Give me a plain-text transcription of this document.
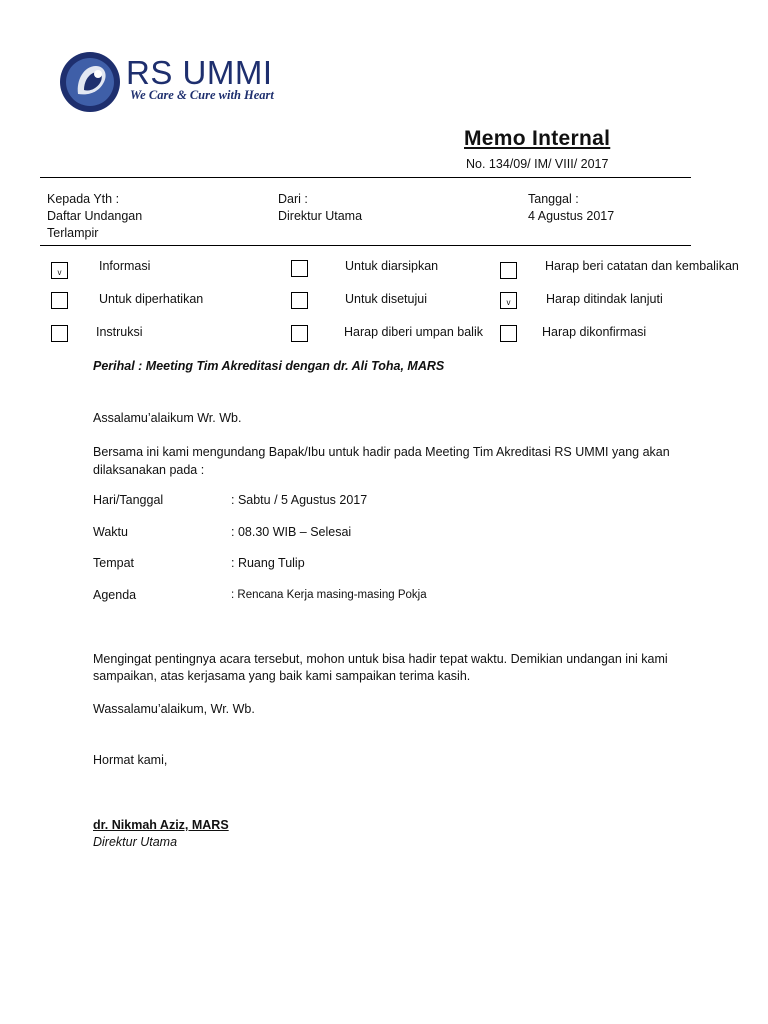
RS UMMI
We Care & Cure with Heart
Memo Internal
No. 134/09/ IM/ VIII/ 2017
Kepada Yth :
Daftar Undangan
Terlampir
Dari :
Direktur Utama
Tanggal :
4 Agustus 2017
v	Informasi	Untuk diarsipkan	Harap beri catatan dan kembalikan
Untuk diperhatikan	Untuk disetujui	v	Harap ditindak lanjuti
Instruksi	Harap diberi umpan balik	Harap dikonfirmasi
Perihal : Meeting Tim Akreditasi dengan dr. Ali Toha, MARS
Assalamu’alaikum Wr. Wb.
Bersama ini kami mengundang Bapak/Ibu untuk hadir pada Meeting Tim Akreditasi RS UMMI yang akan
dilaksanakan pada :
Hari/Tanggal	: Sabtu / 5 Agustus 2017
Waktu	: 08.30 WIB – Selesai
Tempat	: Ruang Tulip
Agenda	: Rencana Kerja masing-masing Pokja
Mengingat pentingnya acara tersebut, mohon untuk bisa hadir tepat waktu. Demikian undangan ini kami
sampaikan, atas kerjasama yang baik kami sampaikan terima kasih.
Wassalamu’alaikum, Wr. Wb.
Hormat kami,
dr. Nikmah Aziz, MARS
Direktur Utama
